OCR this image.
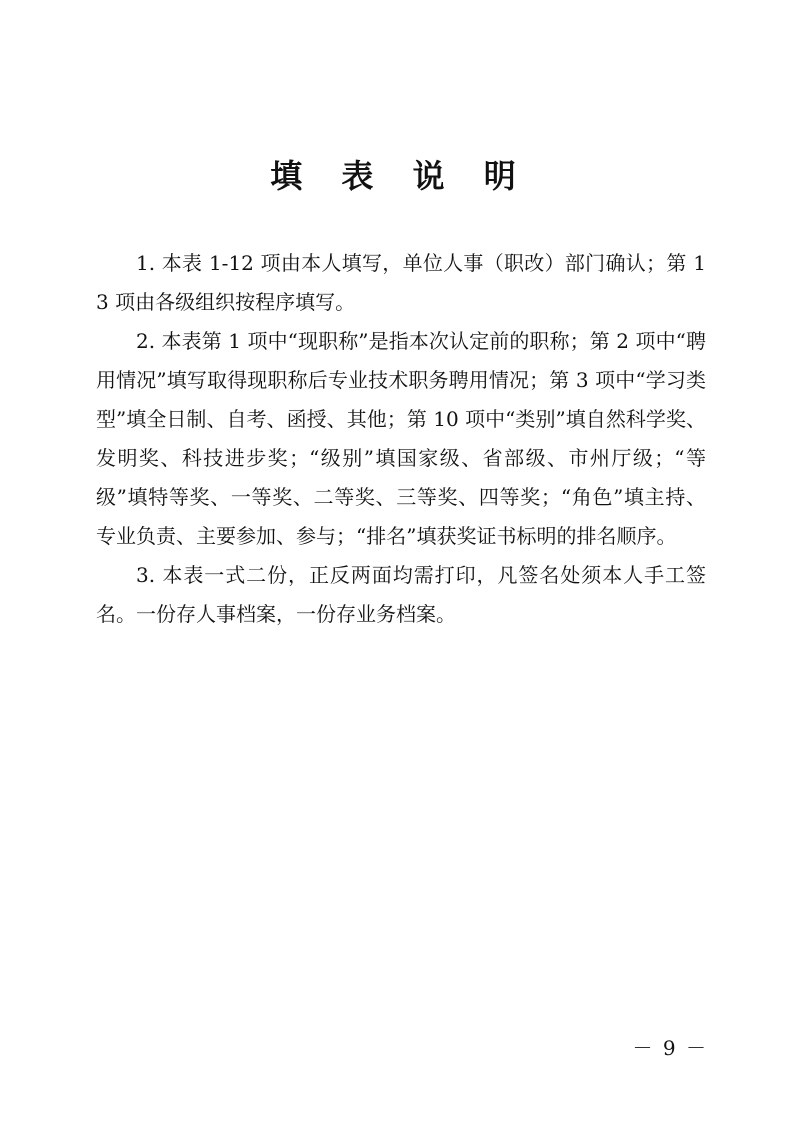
填 表 说 明

1. 本表 1-12 项由本人填写，单位人事（职改）部门确认；第 13 项由各级组织按程序填写。

2. 本表第 1 项中“现职称”是指本次认定前的职称；第 2 项中“聘用情况”填写取得现职称后专业技术职务聘用情况；第 3 项中“学习类型”填全日制、自考、函授、其他；第 10 项中“类别”填自然科学奖、发明奖、科技进步奖；“级别”填国家级、省部级、市州厅级；“等级”填特等奖、一等奖、二等奖、三等奖、四等奖；“角色”填主持、专业负责、主要参加、参与；“排名”填获奖证书标明的排名顺序。

3. 本表一式二份，正反两面均需打印，凡签名处须本人手工签名。一份存人事档案，一份存业务档案。

－ 9 －
